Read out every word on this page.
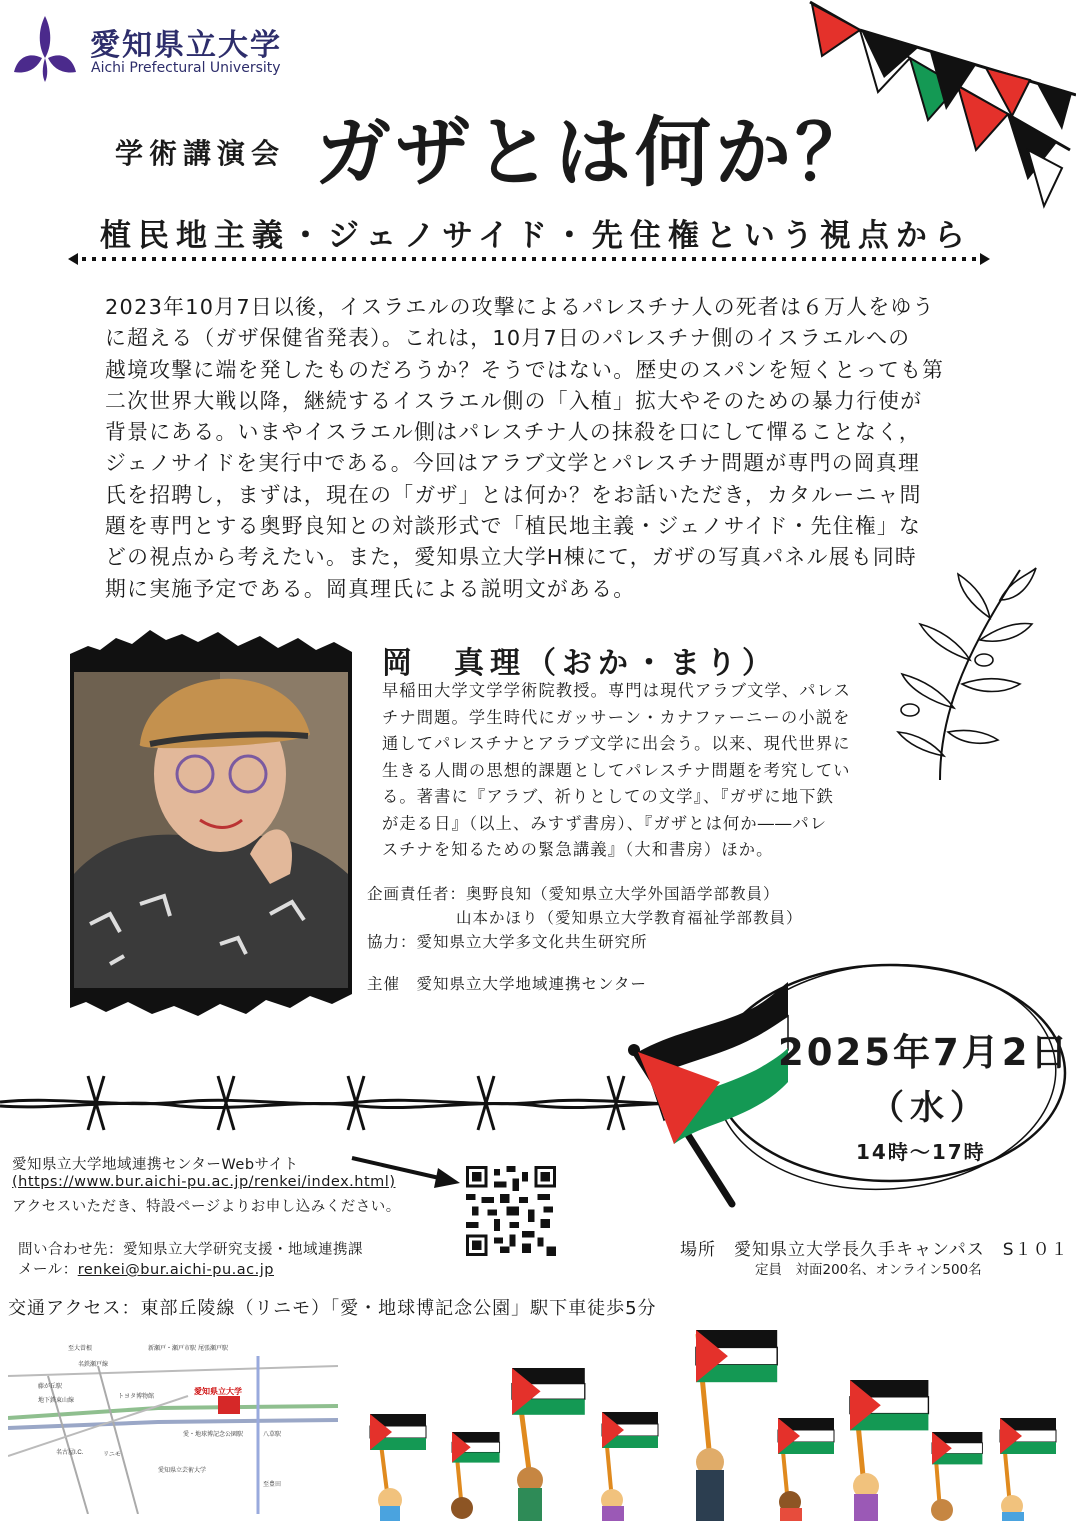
愛知県立大学
Aichi Prefectural University
学術講演会 ガザとは何か？
植民地主義・ジェノサイド・先住権という視点から

2023年10月7日以後，イスラエルの攻撃によるパレスチナ人の死者は６万人をゆう

に超える（ガザ保健省発表）。これは，10月7日のパレスチナ側のイスラエルへの

越境攻撃に端を発したものだろうか？そうではない。歴史のスパンを短くとっても第

二次世界大戦以降，継続するイスラエル側の「入植」拡大やそのための暴力行使が

背景にある。いまやイスラエル側はパレスチナ人の抹殺を口にして憚ることなく，

ジェノサイドを実行中である。今回はアラブ文学とパレスチナ問題が専門の岡真理

氏を招聘し，まずは，現在の「ガザ」とは何か？をお話いただき，カタルーニャ問

題を専門とする奥野良知との対談形式で「植民地主義・ジェノサイド・先住権」な

どの視点から考えたい。また，愛知県立大学H棟にて，ガザの写真パネル展も同時

期に実施予定である。岡真理氏による説明文がある。

岡　真理（おか・まり）

早稲田大学文学学術院教授。専門は現代アラブ文学、パレス

チナ問題。学生時代にガッサーン・カナファーニーの小説を

通してパレスチナとアラブ文学に出会う。以来、現代世界に

生きる人間の思想的課題としてパレスチナ問題を考究してい

る。著書に『アラブ、祈りとしての文学』、『ガザに地下鉄

が走る日』（以上、みすず書房）、『ガザとは何か――パレ

スチナを知るための緊急講義』（大和書房）ほか。

企画責任者：奥野良知（愛知県立大学外国語学部教員）
山本かほり（愛知県立大学教育福祉学部教員）
協力：愛知県立大学多文化共生研究所
主催　愛知県立大学地域連携センター
2025年7月2日
（水）
14時～17時
愛知県立大学地域連携センターWebサイト
(https://www.bur.aichi-pu.ac.jp/renkei/index.html)
アクセスいただき、特設ページよりお申し込みください。
問い合わせ先：愛知県立大学研究支援・地域連携課
メール：renkei@bur.aichi-pu.ac.jp
場所　愛知県立大学長久手キャンパス　S１０１
定員　対面200名、オンライン500名
交通アクセス：東部丘陵線（リニモ）「愛・地球博記念公園」駅下車徒歩5分
至大曽根	新瀬戸・瀬戸市駅 尾張瀬戸駅
名鉄瀬戸線
藤が丘駅
地下鉄東山線
トヨタ博物館
愛・地球博記念公園駅	八草駅
名古屋I.C.	リニモ
愛知県立芸術大学
至豊田
愛知県立大学
